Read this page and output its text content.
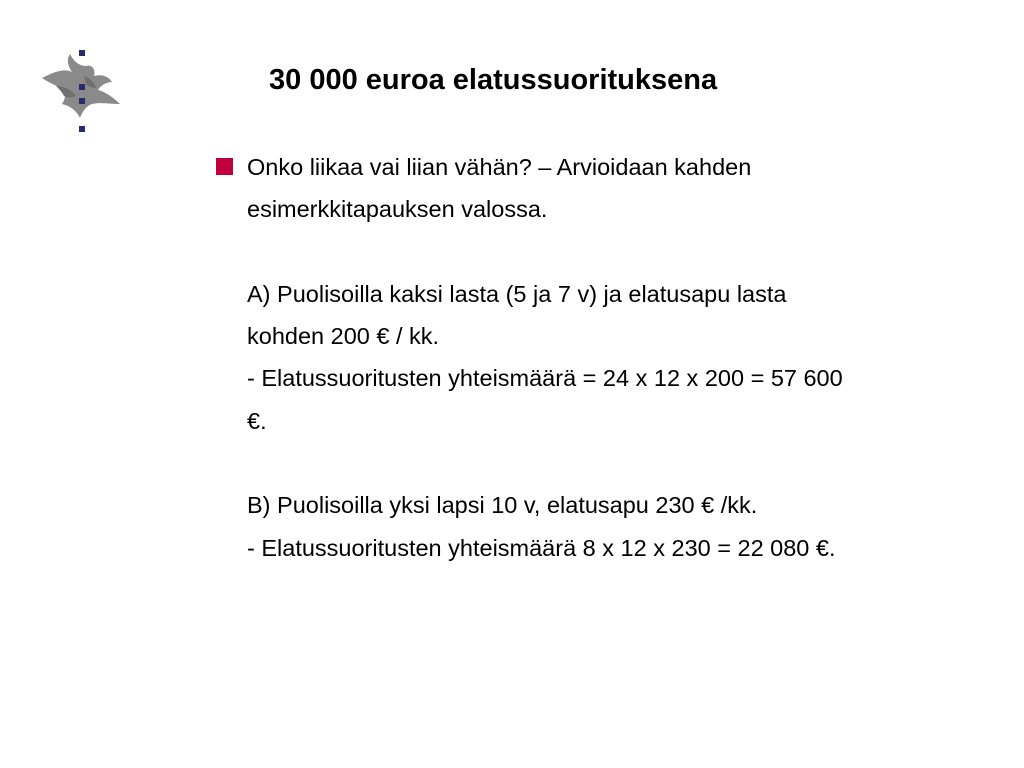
30 000 euroa elatussuorituksena
Onko liikaa vai liian vähän? – Arvioidaan kahden
esimerkkitapauksen valossa.
A) Puolisoilla kaksi lasta (5 ja 7 v) ja elatusapu lasta
kohden 200 € / kk.
- Elatussuoritusten yhteismäärä = 24 x 12 x 200 = 57 600
€.
B) Puolisoilla yksi lapsi 10 v, elatusapu 230 € /kk.
- Elatussuoritusten yhteismäärä 8 x 12 x 230 = 22 080 €.
